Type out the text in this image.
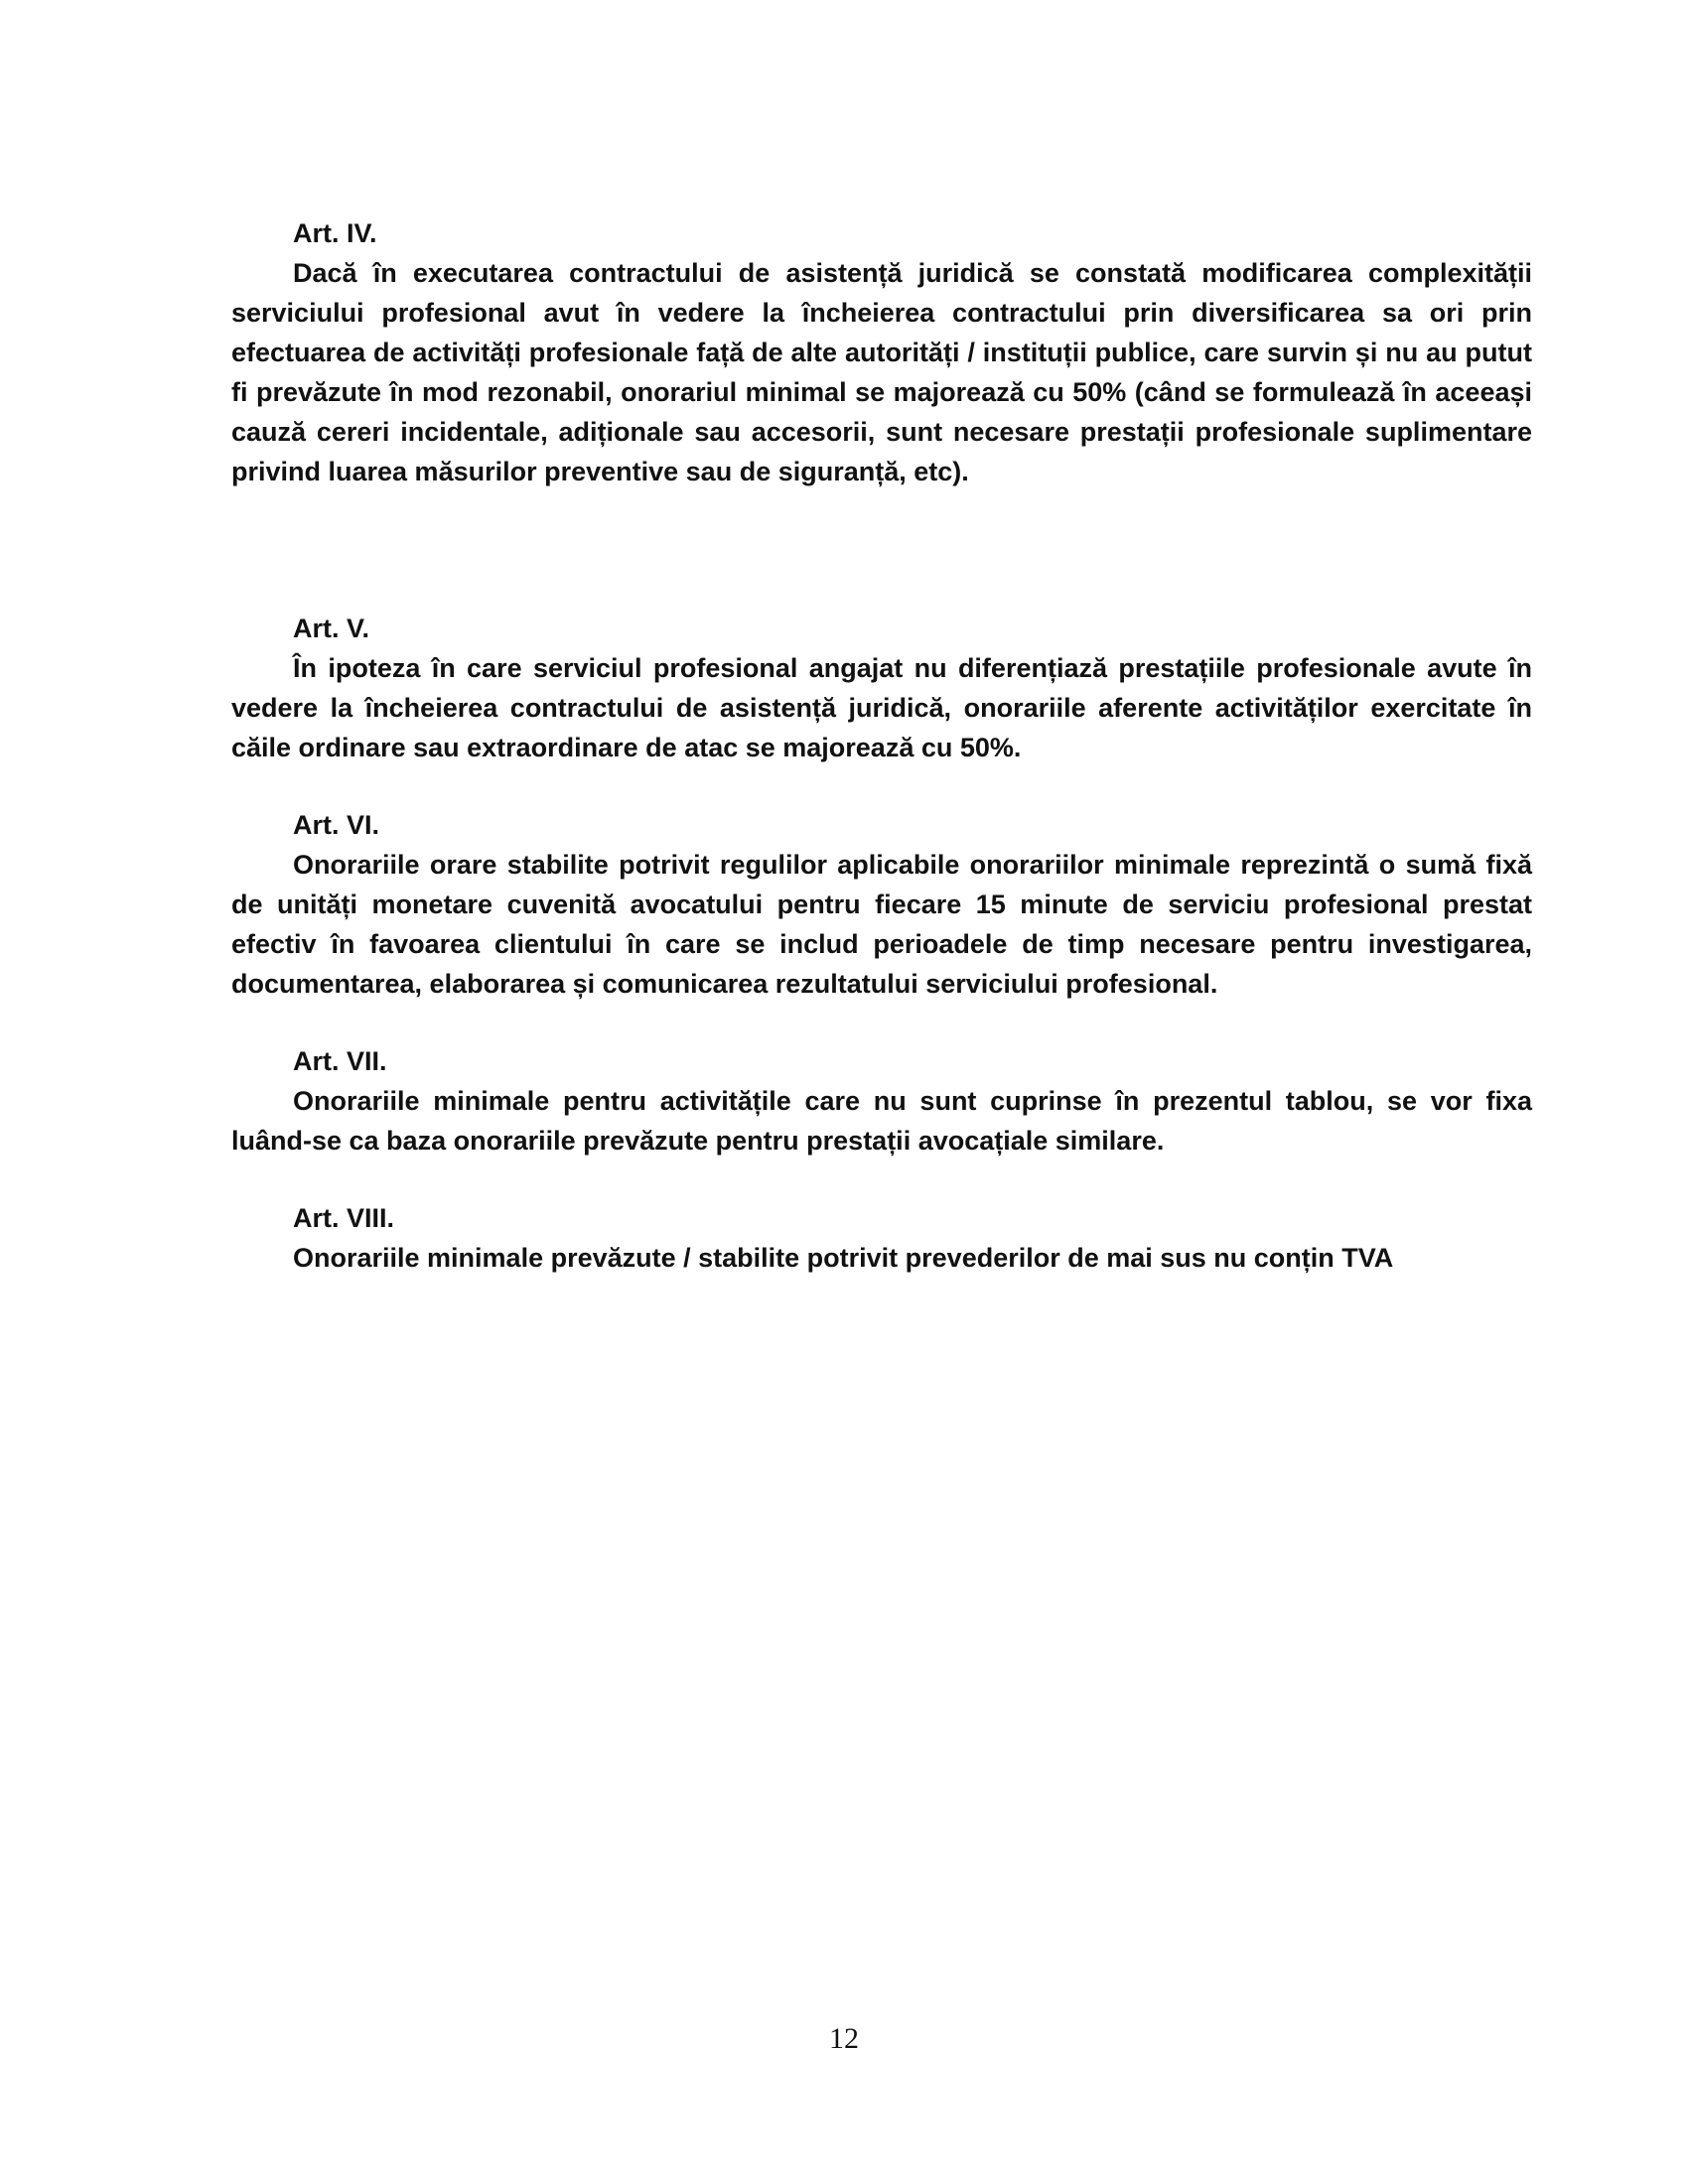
Art. IV.

Dacă în executarea contractului de asistență juridică se constată modificarea complexității serviciului profesional avut în vedere la încheierea contractului prin diversificarea sa ori prin efectuarea de activități profesionale față de alte autorități / instituții publice, care survin și nu au putut fi prevăzute în mod rezonabil, onorariul minimal se majorează cu 50% (când se formulează în aceeași cauză cereri incidentale, adiționale sau accesorii, sunt necesare prestații profesionale suplimentare privind luarea măsurilor preventive sau de siguranță, etc).

Art. V.

În ipoteza în care serviciul profesional angajat nu diferențiază prestațiile profesionale avute în vedere la încheierea contractului de asistență juridică, onorariile aferente activităților exercitate în căile ordinare sau extraordinare de atac se majorează cu 50%.

Art. VI.

Onorariile orare stabilite potrivit regulilor aplicabile onorariilor minimale reprezintă o sumă fixă de unități monetare cuvenită avocatului pentru fiecare 15 minute de serviciu profesional prestat efectiv în favoarea clientului în care se includ perioadele de timp necesare pentru investigarea, documentarea, elaborarea și comunicarea rezultatului serviciului profesional.

Art. VII.

Onorariile minimale pentru activitățile care nu sunt cuprinse în prezentul tablou, se vor fixa luând-se ca baza onorariile prevăzute pentru prestații avocațiale similare.

Art. VIII.

Onorariile minimale prevăzute / stabilite potrivit prevederilor de mai sus nu conțin TVA

12
